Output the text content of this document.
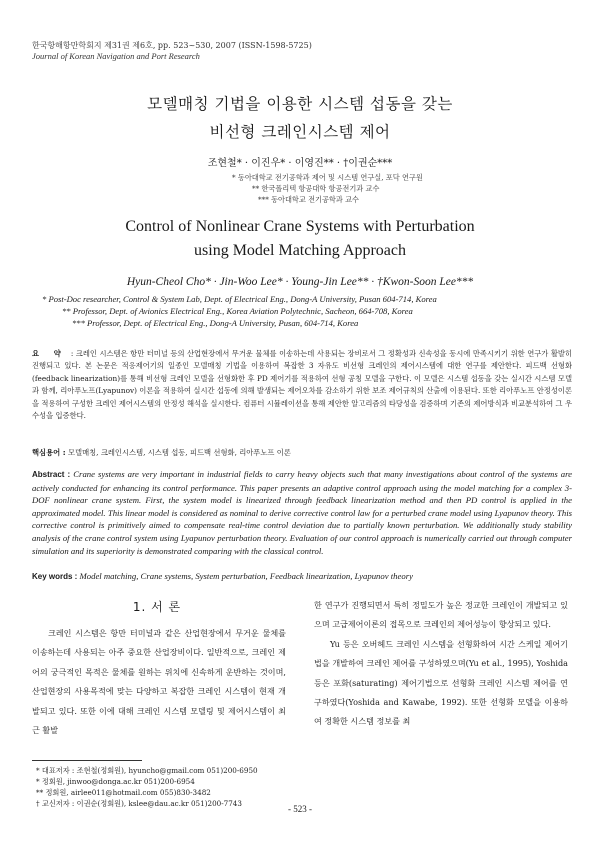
한국항해항만학회지 제31권 제6호, pp. 523~530, 2007 (ISSN-1598-5725)
Journal of Korean Navigation and Port Research
모델매칭 기법을 이용한 시스템 섭동을 갖는
비선형 크레인시스템 제어
조현철* · 이진우* · 이영진** · †이권순***
* 동아대학교 전기공학과 제어 및 시스템 연구실, 포닥 연구원
** 한국폴리텍 항공대학 항공전기과 교수
*** 동아대학교 전기공학과 교수
Control of Nonlinear Crane Systems with Perturbation
using Model Matching Approach
Hyun-Cheol Cho* · Jin-Woo Lee* · Young-Jin Lee** · †Kwon-Soon Lee***
* Post-Doc researcher, Control & System Lab, Dept. of Electrical Eng., Dong-A University, Pusan 604-714, Korea
** Professor, Dept. of Avionics Electrical Eng., Korea Aviation Polytechnic, Sacheon, 664-708, Korea
*** Professor, Dept. of Electrical Eng., Dong-A University, Pusan, 604-714, Korea
요 약 : 크레인 시스템은 항만 터미널 등의 산업현장에서 무거운 물체를 이송하는데 사용되는 장비로서 그 정확성과 신속성을 동시에 만족시키기 위한 연구가 활발히 진행되고 있다. 본 논문은 적응제어기의 일종인 모델매칭 기법을 이용하여 복잡한 3 자유도 비선형 크레인의 제어시스템에 대한 연구를 제안한다. 피드백 선형화(feedback linearization)를 통해 비선형 크레인 모델을 선형화한 후 PD 제어기를 적용하여 선형 공칭 모델을 구한다. 이 모델은 시스템 섭동을 갖는 실시간 시스템 모델과 함께, 리아푸노프(Lyapunov) 이론을 적용하여 실시간 섭동에 의해 발생되는 제어오차를 감소하기 위한 보조 제어규칙의 산출에 이용된다. 또한 리아푸노프 안정성이론을 적용하여 구성한 크레인 제어시스템의 안정성 해석을 실시한다. 컴퓨터 시뮬레이션을 통해 제안한 알고리즘의 타당성을 검증하며 기존의 제어방식과 비교분석하여 그 우수성을 입증한다.
핵심용어 : 모델매칭, 크레인시스템, 시스템 섭동, 피드백 선형화, 리아푸노프 이론
Abstract : Crane systems are very important in industrial fields to carry heavy objects such that many investigations about control of the systems are actively conducted for enhancing its control performance. This paper presents an adaptive control approach using the model matching for a complex 3-DOF nonlinear crane system. First, the system model is linearized through feedback linearization method and then PD control is applied in the approximated model. This linear model is considered as nominal to derive corrective control law for a perturbed crane model using Lyapunov theory. This corrective control is primitively aimed to compensate real-time control deviation due to partially known perturbation. We additionally study stability analysis of the crane control system using Lyapunov perturbation theory. Evaluation of our control approach is numerically carried out through computer simulation and its superiority is demonstrated comparing with the classical control.
Key words : Model matching, Crane systems, System perturbation, Feedback linearization, Lyapunov theory
1. 서 론
크레인 시스템은 항만 터미널과 같은 산업현장에서 무거운 물체를 이송하는데 사용되는 아주 중요한 산업장비이다. 일반적으로, 크레인 제어의 궁극적인 목적은 물체를 원하는 위치에 신속하게 운반하는 것이며, 산업현장의 사용목적에 맞는 다양하고 복잡한 크레인 시스템이 현재 개발되고 있다. 또한 이에 대해 크레인 시스템 모델링 및 제어시스템이 최근 활발

한 연구가 진행되면서 특히 정밀도가 높은 정교한 크레인이 개발되고 있으며 고급제어이론의 접목으로 크레인의 제어성능이 향상되고 있다.

Yu 등은 오버헤드 크레인 시스템을 선형화하여 시간 스케일 제어기법을 개발하여 크레인 제어를 구성하였으며(Yu et al., 1995), Yoshida 등은 포화(saturating) 제어기법으로 선형화 크레인 시스템 제어를 연구하였다(Yoshida and Kawabe, 1992). 또한 선형화 모델을 이용하여 정확한 시스템 정보를 최

* 대표저자 : 조현철(정회원), hyuncho@gmail.com 051)200-6950
* 정회원, jinwoo@donga.ac.kr 051)200-6954
** 정회원, airlee011@hotmail.com 055)830-3482
† 교신저자 : 이권순(정회원), kslee@dau.ac.kr 051)200-7743
- 523 -
